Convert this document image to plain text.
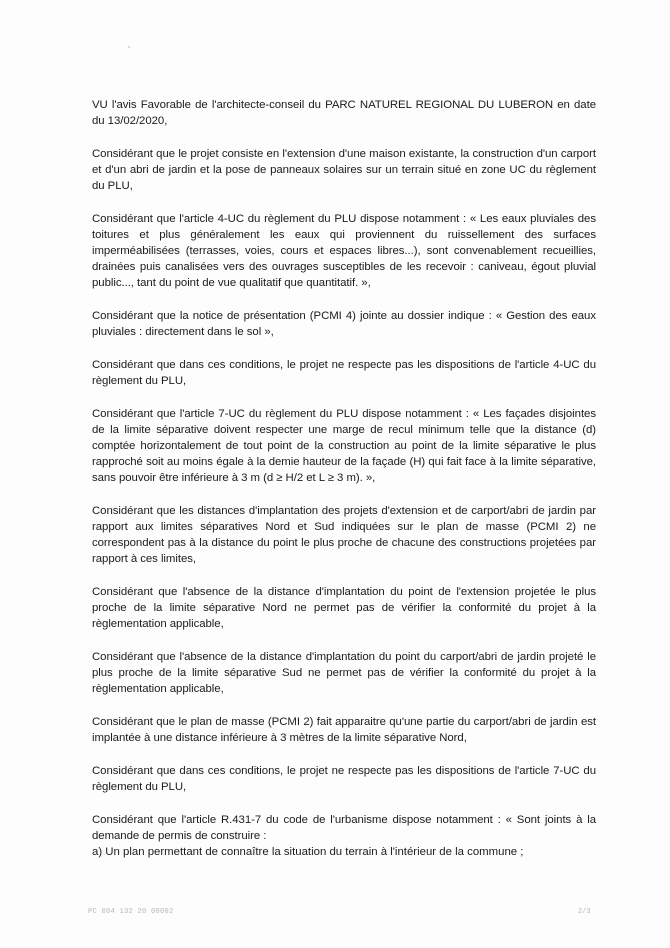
VU l'avis Favorable de l'architecte-conseil du PARC NATUREL REGIONAL DU LUBERON en date du 13/02/2020,

Considérant que le projet consiste en l'extension d'une maison existante, la construction d'un carport et d'un abri de jardin et la pose de panneaux solaires sur un terrain situé en zone UC du règlement du PLU,

Considérant que l'article 4-UC du règlement du PLU dispose notamment : « Les eaux pluviales des toitures et plus généralement les eaux qui proviennent du ruissellement des surfaces imperméabilisées (terrasses, voies, cours et espaces libres...), sont convenablement recueillies, drainées puis canalisées vers des ouvrages susceptibles de les recevoir : caniveau, égout pluvial public..., tant du point de vue qualitatif que quantitatif. »,

Considérant que la notice de présentation (PCMI 4) jointe au dossier indique : « Gestion des eaux pluviales : directement dans le sol »,

Considérant que dans ces conditions, le projet ne respecte pas les dispositions de l'article 4-UC du règlement du PLU,

Considérant que l'article 7-UC du règlement du PLU dispose notamment : « Les façades disjointes de la limite séparative doivent respecter une marge de recul minimum telle que la distance (d) comptée horizontalement de tout point de la construction au point de la limite séparative le plus rapproché soit au moins égale à la demie hauteur de la façade (H) qui fait face à la limite séparative, sans pouvoir être inférieure à 3 m (d ≥ H/2 et L ≥ 3 m). »,

Considérant que les distances d'implantation des projets d'extension et de carport/abri de jardin par rapport aux limites séparatives Nord et Sud indiquées sur le plan de masse (PCMI 2) ne correspondent pas à la distance du point le plus proche de chacune des constructions projetées par rapport à ces limites,

Considérant que l'absence de la distance d'implantation du point de l'extension projetée le plus proche de la limite séparative Nord ne permet pas de vérifier la conformité du projet à la règlementation applicable,

Considérant que l'absence de la distance d'implantation du point du carport/abri de jardin projeté le plus proche de la limite séparative Sud ne permet pas de vérifier la conformité du projet à la règlementation applicable,

Considérant que le plan de masse (PCMI 2) fait apparaitre qu'une partie du carport/abri de jardin est implantée à une distance inférieure à 3 mètres de la limite séparative Nord,

Considérant que dans ces conditions, le projet ne respecte pas les dispositions de l'article 7-UC du règlement du PLU,

Considérant que l'article R.431-7 du code de l'urbanisme dispose notamment : « Sont joints à la demande de permis de construire :

a) Un plan permettant de connaître la situation du terrain à l'intérieur de la commune ;

PC 004 132 20 00002	2/3
